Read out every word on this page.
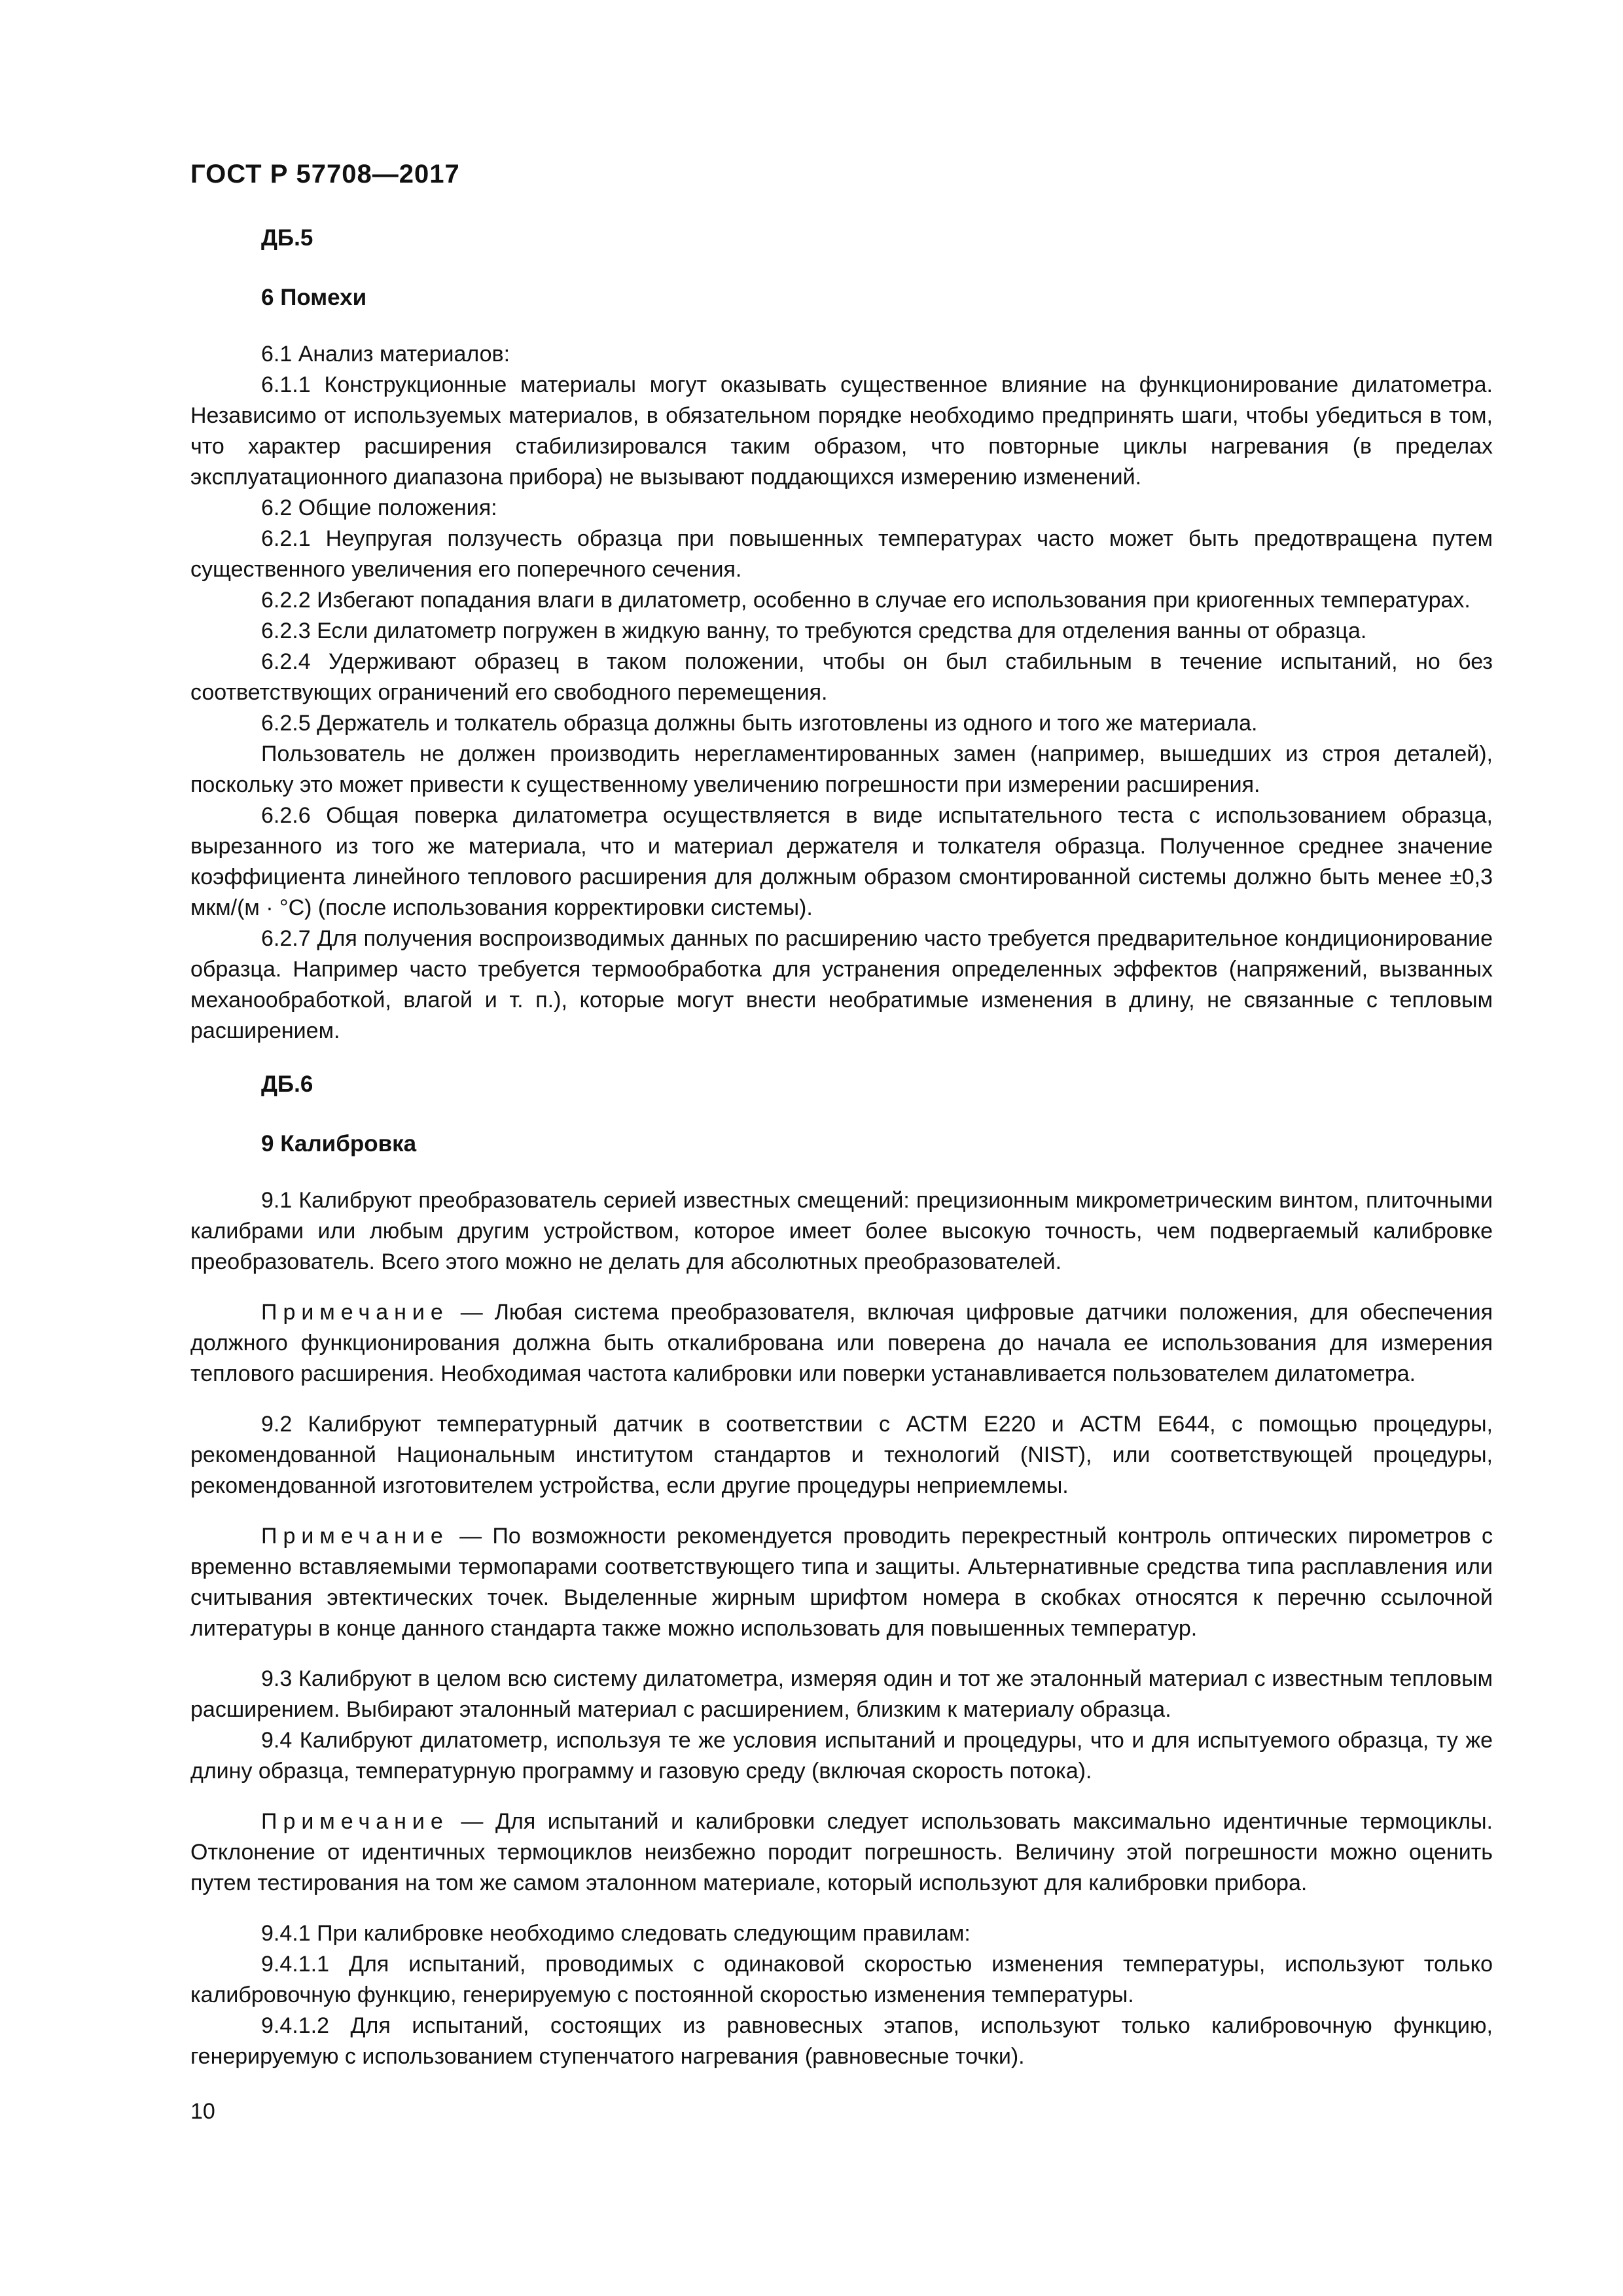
ГОСТ Р 57708—2017

ДБ.5

6 Помехи

6.1 Анализ материалов:

6.1.1 Конструкционные материалы могут оказывать существенное влияние на функционирование дилатометра. Независимо от используемых материалов, в обязательном порядке необходимо предпринять шаги, чтобы убедиться в том, что характер расширения стабилизировался таким образом, что повторные циклы нагревания (в пределах эксплуатационного диапазона прибора) не вызывают поддающихся измерению изменений.

6.2 Общие положения:

6.2.1 Неупругая ползучесть образца при повышенных температурах часто может быть предотвращена путем существенного увеличения его поперечного сечения.

6.2.2 Избегают попадания влаги в дилатометр, особенно в случае его использования при криогенных температурах.

6.2.3 Если дилатометр погружен в жидкую ванну, то требуются средства для отделения ванны от образца.

6.2.4 Удерживают образец в таком положении, чтобы он был стабильным в течение испытаний, но без соответствующих ограничений его свободного перемещения.

6.2.5 Держатель и толкатель образца должны быть изготовлены из одного и того же материала.

Пользователь не должен производить нерегламентированных замен (например, вышедших из строя деталей), поскольку это может привести к существенному увеличению погрешности при измерении расширения.

6.2.6 Общая поверка дилатометра осуществляется в виде испытательного теста с использованием образца, вырезанного из того же материала, что и материал держателя и толкателя образца. Полученное среднее значение коэффициента линейного теплового расширения для должным образом смонтированной системы должно быть менее ±0,3 мкм/(м · °С) (после использования корректировки системы).

6.2.7 Для получения воспроизводимых данных по расширению часто требуется предварительное кондиционирование образца. Например часто требуется термообработка для устранения определенных эффектов (напряжений, вызванных механообработкой, влагой и т. п.), которые могут внести необратимые изменения в длину, не связанные с тепловым расширением.

ДБ.6

9 Калибровка

9.1 Калибруют преобразователь серией известных смещений: прецизионным микрометрическим винтом, плиточными калибрами или любым другим устройством, которое имеет более высокую точность, чем подвергаемый калибровке преобразователь. Всего этого можно не делать для абсолютных преобразователей.

Примечание — Любая система преобразователя, включая цифровые датчики положения, для обеспечения должного функционирования должна быть откалибрована или поверена до начала ее использования для измерения теплового расширения. Необходимая частота калибровки или поверки устанавливается пользователем дилатометра.

9.2 Калибруют температурный датчик в соответствии с АСТМ Е220 и АСТМ Е644, с помощью процедуры, рекомендованной Национальным институтом стандартов и технологий (NIST), или соответствующей процедуры, рекомендованной изготовителем устройства, если другие процедуры неприемлемы.

Примечание — По возможности рекомендуется проводить перекрестный контроль оптических пирометров с временно вставляемыми термопарами соответствующего типа и защиты. Альтернативные средства типа расплавления или считывания эвтектических точек. Выделенные жирным шрифтом номера в скобках относятся к перечню ссылочной литературы в конце данного стандарта также можно использовать для повышенных температур.

9.3 Калибруют в целом всю систему дилатометра, измеряя один и тот же эталонный материал с известным тепловым расширением. Выбирают эталонный материал с расширением, близким к материалу образца.

9.4 Калибруют дилатометр, используя те же условия испытаний и процедуры, что и для испытуемого образца, ту же длину образца, температурную программу и газовую среду (включая скорость потока).

Примечание — Для испытаний и калибровки следует использовать максимально идентичные термоциклы. Отклонение от идентичных термоциклов неизбежно породит погрешность. Величину этой погрешности можно оценить путем тестирования на том же самом эталонном материале, который используют для калибровки прибора.

9.4.1 При калибровке необходимо следовать следующим правилам:

9.4.1.1 Для испытаний, проводимых с одинаковой скоростью изменения температуры, используют только калибровочную функцию, генерируемую с постоянной скоростью изменения температуры.

9.4.1.2 Для испытаний, состоящих из равновесных этапов, используют только калибровочную функцию, генерируемую с использованием ступенчатого нагревания (равновесные точки).

10
